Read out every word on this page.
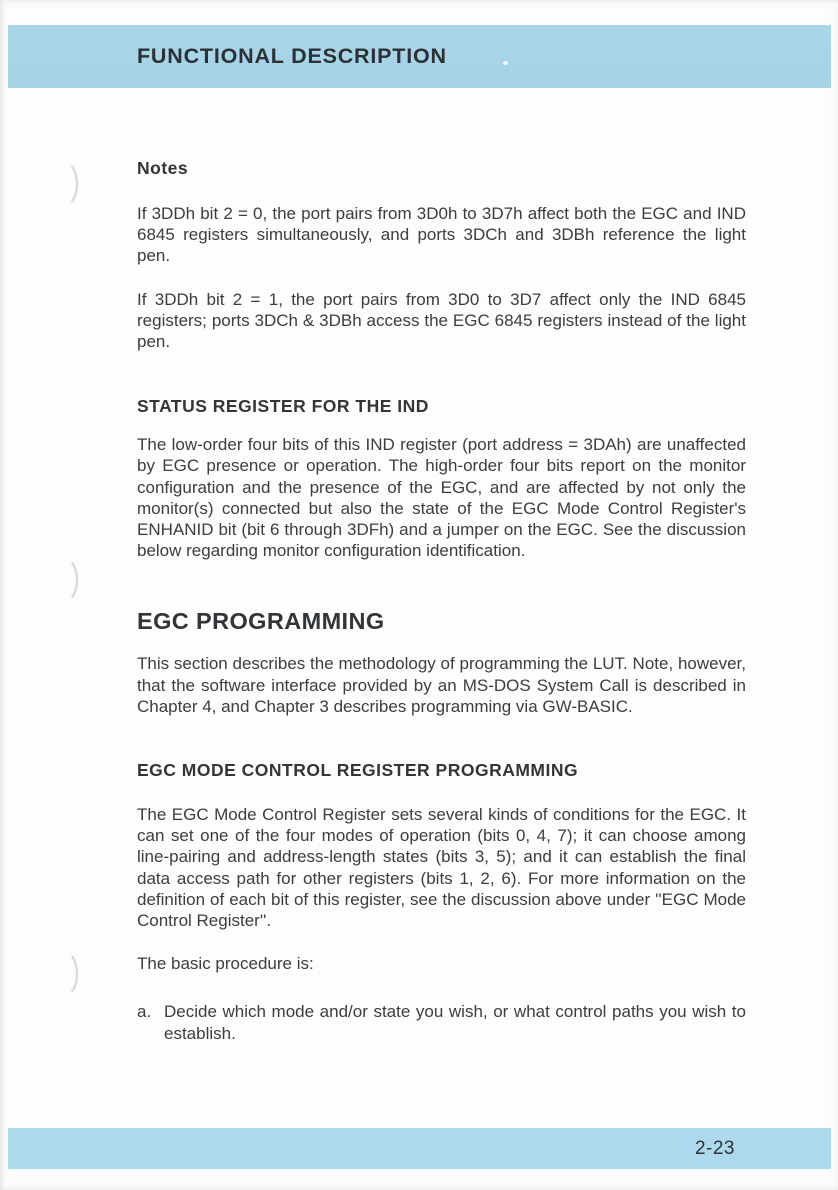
FUNCTIONAL DESCRIPTION
Notes

If 3DDh bit 2 = 0, the port pairs from 3D0h to 3D7h affect both the EGC and IND 6845 registers simultaneously, and ports 3DCh and 3DBh reference the light pen.

If 3DDh bit 2 = 1, the port pairs from 3D0 to 3D7 affect only the IND 6845 registers; ports 3DCh & 3DBh access the EGC 6845 registers instead of the light pen.

STATUS REGISTER FOR THE IND

The low-order four bits of this IND register (port address = 3DAh) are unaffected by EGC presence or operation. The high-order four bits report on the monitor configuration and the presence of the EGC, and are affected by not only the monitor(s) connected but also the state of the EGC Mode Control Register's ENHANID bit (bit 6 through 3DFh) and a jumper on the EGC. See the discussion below regarding monitor configuration identification.

EGC PROGRAMMING

This section describes the methodology of programming the LUT. Note, however, that the software interface provided by an MS-DOS System Call is described in Chapter 4, and Chapter 3 describes programming via GW-BASIC.

EGC MODE CONTROL REGISTER PROGRAMMING

The EGC Mode Control Register sets several kinds of conditions for the EGC. It can set one of the four modes of operation (bits 0, 4, 7); it can choose among line-pairing and address-length states (bits 3, 5); and it can establish the final data access path for other registers (bits 1, 2, 6). For more information on the definition of each bit of this register, see the discussion above under ''EGC Mode Control Register''.

The basic procedure is:

a. Decide which mode and/or state you wish, or what control paths you wish to establish.
2-23
